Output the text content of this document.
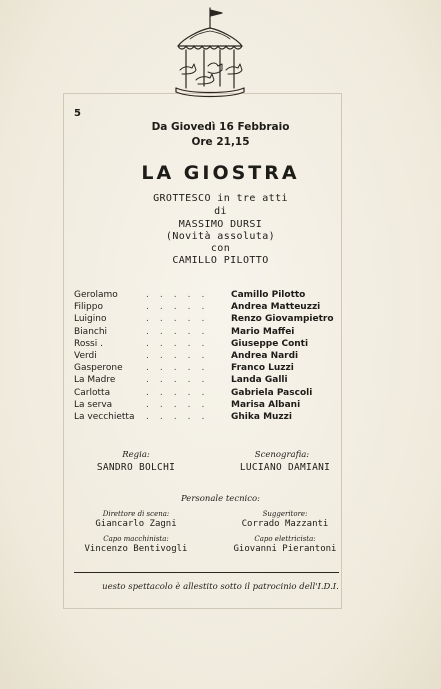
5
Da Giovedì 16 Febbraio
Ore 21,15
LA GIOSTRA
GROTTESCO in tre atti
di
MASSIMO DURSI
(Novità assoluta)
con
CAMILLO PILOTTO
Gerolamo	..... Camillo Pilotto
Filippo	..... Andrea Matteuzzi
Luigino	..... Renzo Giovampietro
Bianchi	..... Mario Maffei
Rossi .	..... Giuseppe Conti
Verdi	..... Andrea Nardi
Gasperone	..... Franco Luzzi
La Madre	..... Landa Galli
Carlotta	..... Gabriela Pascoli
La serva	..... Marisa Albani
La vecchietta ..... Ghika Muzzi
Regia:
SANDRO BOLCHI
Scenografia:
LUCIANO DAMIANI
Personale tecnico:
Direttore di scena:
Giancarlo Zagni
Suggeritore:
Corrado Mazzanti
Capo macchinista:
Vincenzo Bentivogli
Capo elettricista:
Giovanni Pierantoni
uesto spettacolo è allestito sotto il patrocinio dell'I.D.I.
